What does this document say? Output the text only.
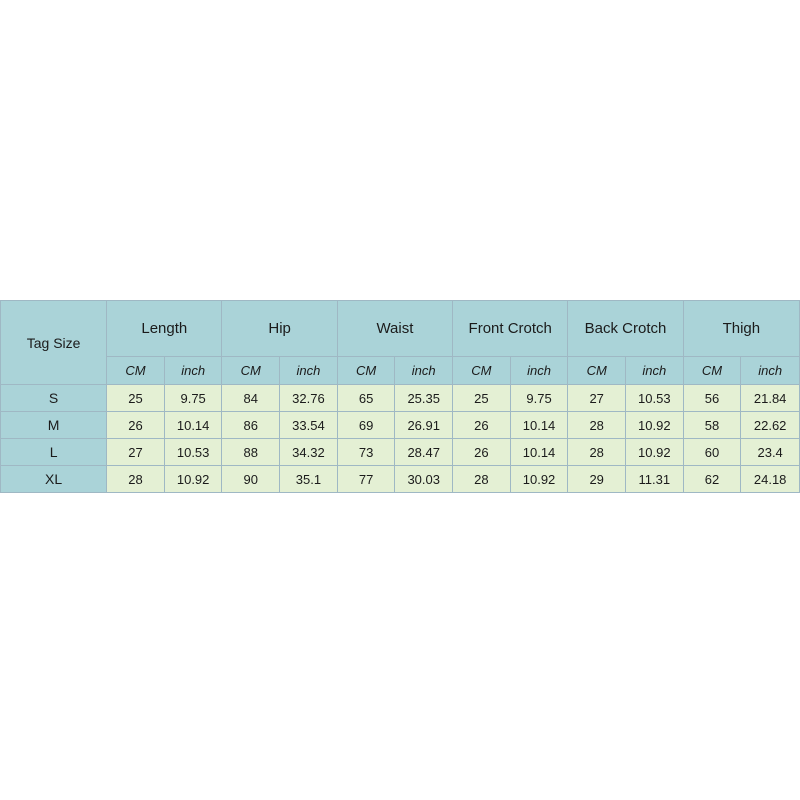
Tag Size	Length		Hip		Waist		Front Crotch		Back Crotch		Thigh	
	CM	inch	CM	inch	CM	inch	CM	inch	CM	inch	CM	inch
S	25	9.75	84	32.76	65	25.35	25	9.75	27	10.53	56	21.84
M	26	10.14	86	33.54	69	26.91	26	10.14	28	10.92	58	22.62
L	27	10.53	88	34.32	73	28.47	26	10.14	28	10.92	60	23.4
XL	28	10.92	90	35.1	77	30.03	28	10.92	29	11.31	62	24.18
